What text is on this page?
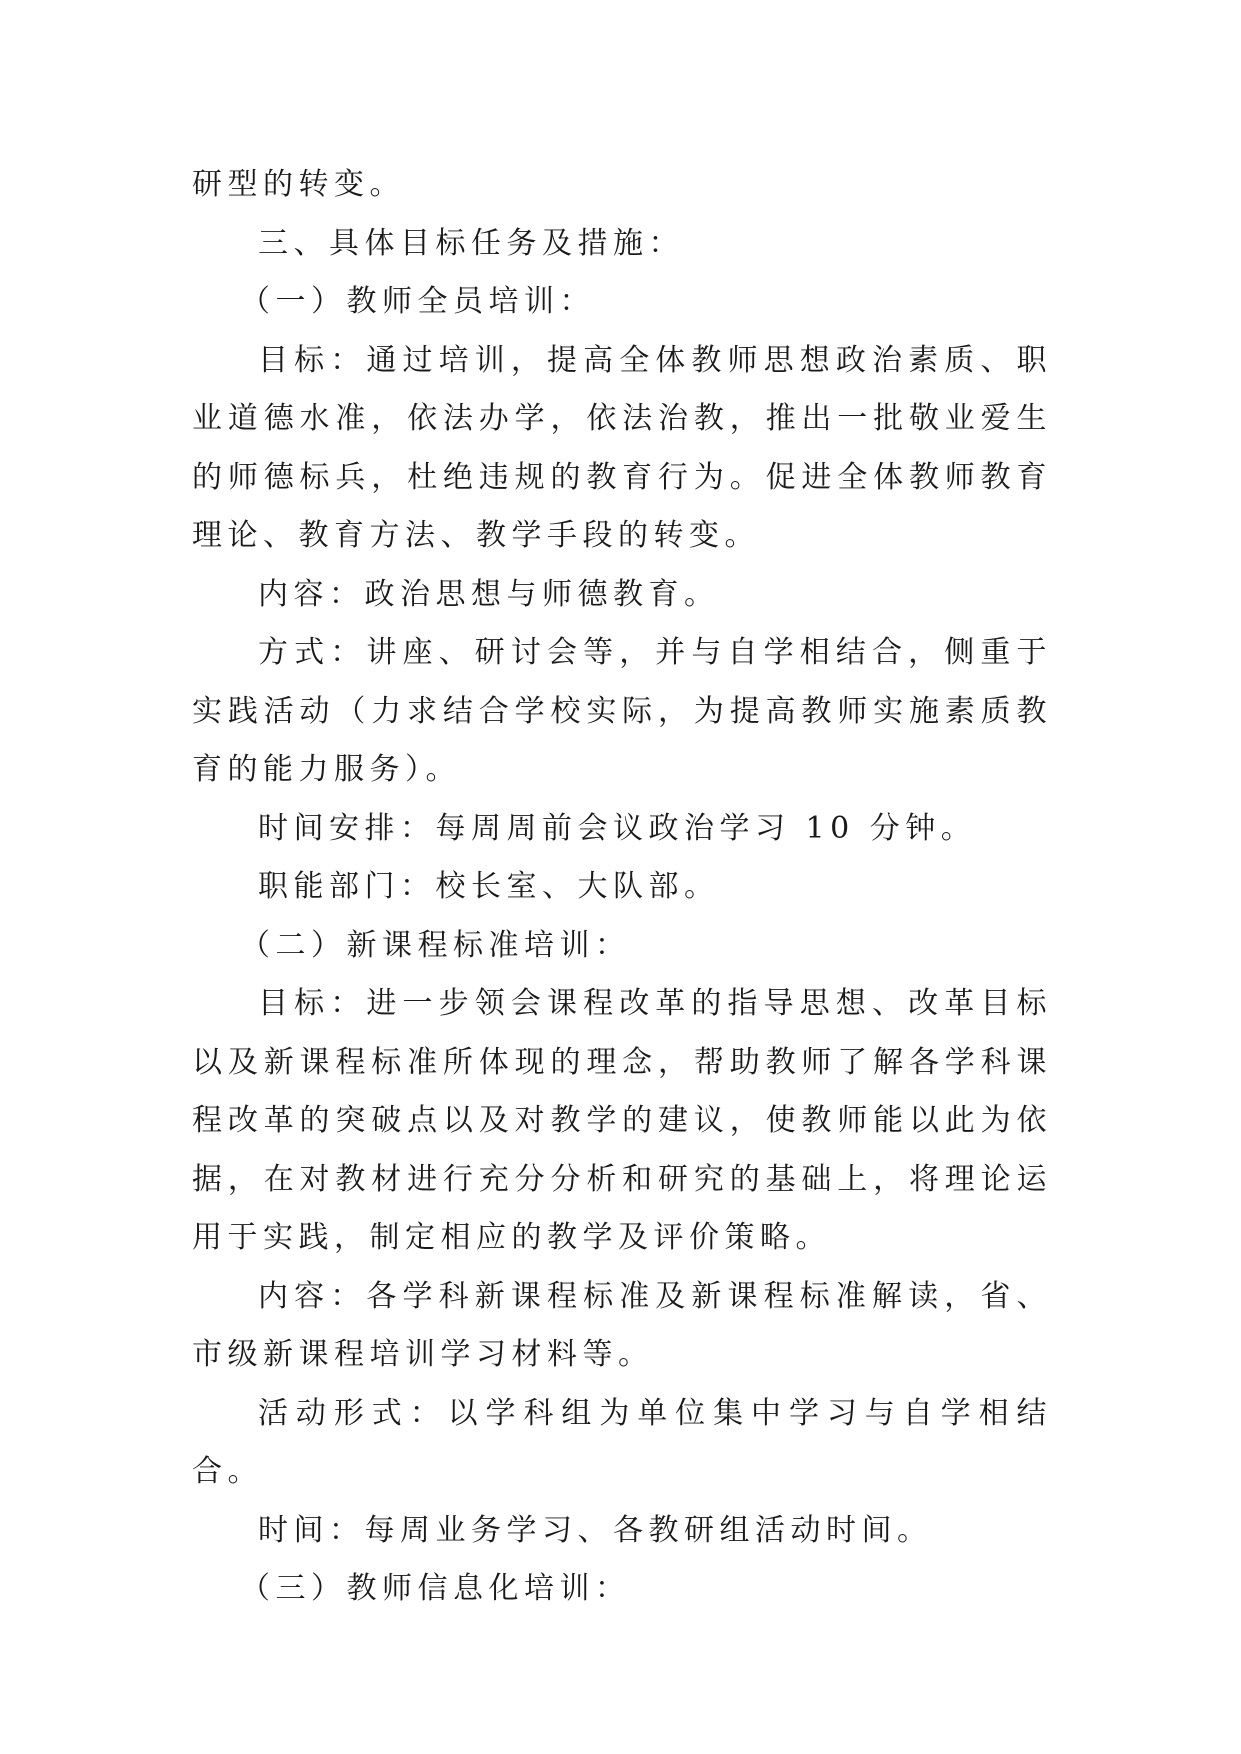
研型的转变。

三、具体目标任务及措施：

（一）教师全员培训：

目标：通过培训，提高全体教师思想政治素质、职业道德水准，依法办学，依法治教，推出一批敬业爱生的师德标兵，杜绝违规的教育行为。促进全体教师教育理论、教育方法、教学手段的转变。

内容：政治思想与师德教育。

方式：讲座、研讨会等，并与自学相结合，侧重于实践活动（力求结合学校实际，为提高教师实施素质教育的能力服务）。

时间安排：每周周前会议政治学习 10 分钟。

职能部门：校长室、大队部。

（二）新课程标准培训：

目标：进一步领会课程改革的指导思想、改革目标以及新课程标准所体现的理念，帮助教师了解各学科课程改革的突破点以及对教学的建议，使教师能以此为依据，在对教材进行充分分析和研究的基础上，将理论运用于实践，制定相应的教学及评价策略。

内容：各学科新课程标准及新课程标准解读，省、市级新课程培训学习材料等。

活动形式：以学科组为单位集中学习与自学相结合。

时间：每周业务学习、各教研组活动时间。

（三）教师信息化培训：
